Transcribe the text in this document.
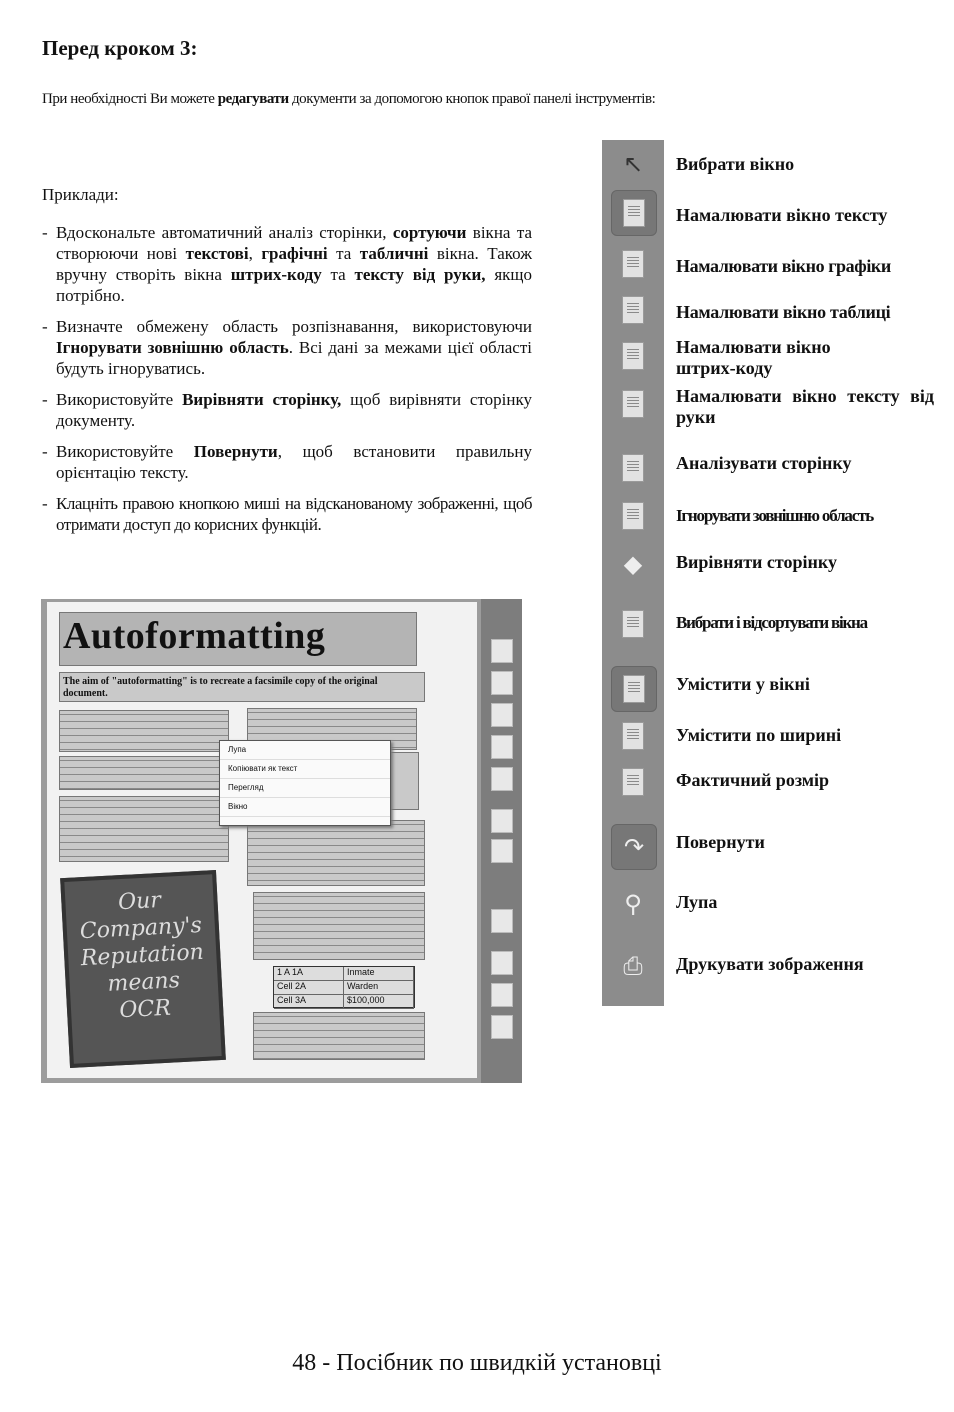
Перед кроком 3:
При необхідності Ви можете редагувати документи за допомогою кнопок правої панелі інструментів:
Приклади:
- Вдоскональте автоматичний аналіз сторінки, сортуючи вікна та створюючи нові текстові, графічні та табличні вікна. Також вручну створіть вікна штрих-коду та тексту від руки, якщо потрібно.
- Визначте обмежену область розпізнавання, використовуючи Ігнорувати зовнішню область. Всі дані за межами цієї області будуть ігноруватись.
- Використовуйте Вирівняти сторінку, щоб вирівняти сторінку документу.
- Використовуйте Повернути, щоб встановити правильну орієнтацію тексту.
- Клацніть правою кнопкою миші на відсканованому зображенні, щоб отримати доступ до корисних функцій.
Autoformatting
The aim of "autoformatting" is to recreate a facsimile copy of the original document.
Our
Company's
Reputation
means
OCR
1 A 1A	Inmate
Cell 2A	Warden
Cell 3A	$100,000
Лупа
Копіювати як текст
Перегляд
Вікно
↖
◆
↷
⚲
⎙
Вибрати вікно
Намалювати вікно тексту
Намалювати вікно графіки
Намалювати вікно таблиці
Намалювати вікно штрих-коду
Намалювати вікно тексту від руки
Аналізувати сторінку
Ігнорувати зовнішню область
Вирівняти сторінку
Вибрати і відсортувати вікна
Умістити у вікні
Умістити по ширині
Фактичний розмір
Повернути
Лупа
Друкувати зображення
48 - Посібник по швидкій установці
